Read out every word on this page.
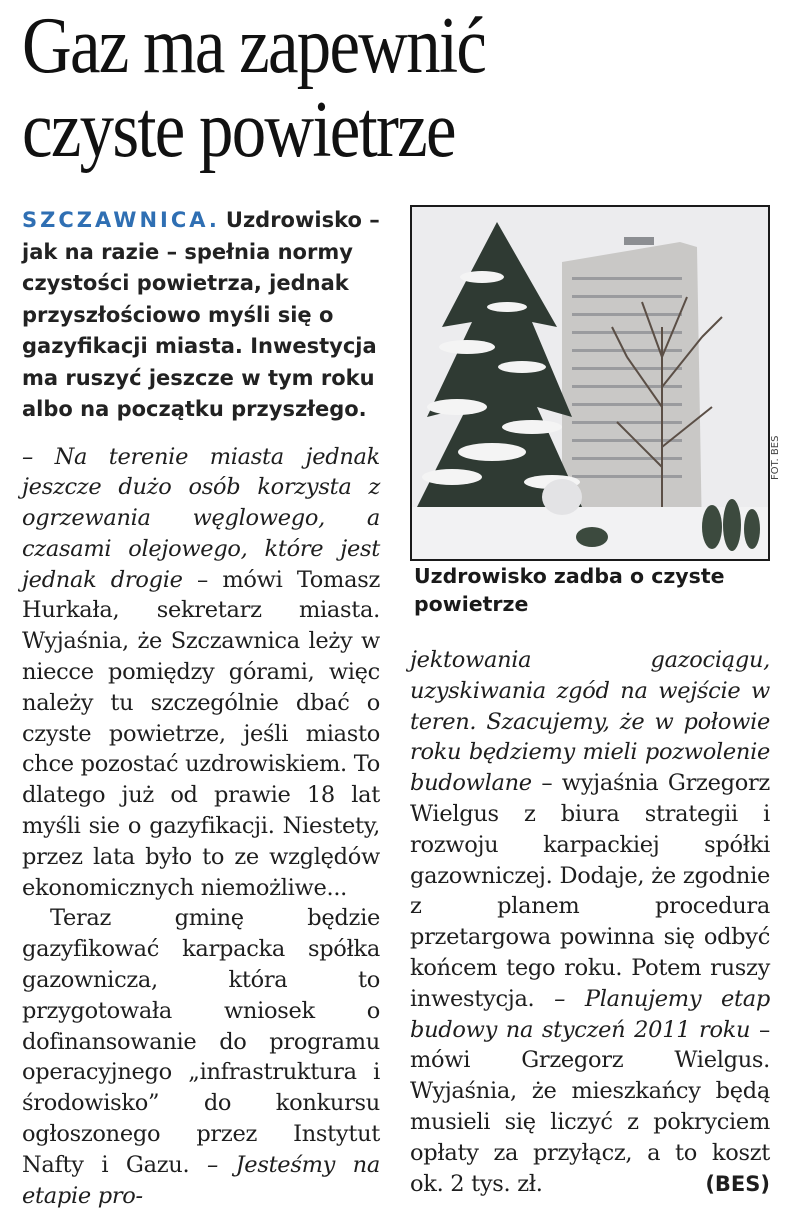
Gaz ma zapewnić
czyste powietrze

SZCZAWNICA. Uzdrowisko – jak na razie – spełnia normy czystości powietrza, jednak przyszłościowo myśli się o gazyfikacji miasta. Inwestycja ma ruszyć jeszcze w tym roku albo na początku przyszłego.

– Na terenie miasta jednak jeszcze dużo osób korzysta z ogrzewania węglowego, a czasami olejowego, które jest jednak drogie – mówi Tomasz Hurkała, sekretarz miasta. Wyjaśnia, że Szczawnica leży w niecce pomiędzy górami, więc należy tu szczególnie dbać o czyste powietrze, jeśli miasto chce pozostać uzdrowiskiem. To dlatego już od prawie 18 lat myśli sie o gazyfikacji. Niestety, przez lata było to ze względów ekonomicznych niemożliwe...

Teraz gminę będzie gazyfikować karpacka spółka gazownicza, która to przygotowała wniosek o dofinansowanie do programu operacyjnego „infrastruktura i środowisko” do konkursu ogłoszonego przez Instytut Nafty i Gazu. – Jesteśmy na etapie pro-

FOT. BES

Uzdrowisko zadba o czyste powietrze

jektowania gazociągu, uzyskiwania zgód na wejście w teren. Szacujemy, że w połowie roku będziemy mieli pozwolenie budowlane – wyjaśnia Grzegorz Wielgus z biura strategii i rozwoju karpackiej spółki gazowniczej. Dodaje, że zgodnie z planem procedura przetargowa powinna się odbyć końcem tego roku. Potem ruszy inwestycja. – Planujemy etap budowy na styczeń 2011 roku – mówi Grzegorz Wielgus. Wyjaśnia, że mieszkańcy będą musieli się liczyć z pokryciem opłaty za przyłącz, a to koszt ok. 2 tys. zł.	(BES)
